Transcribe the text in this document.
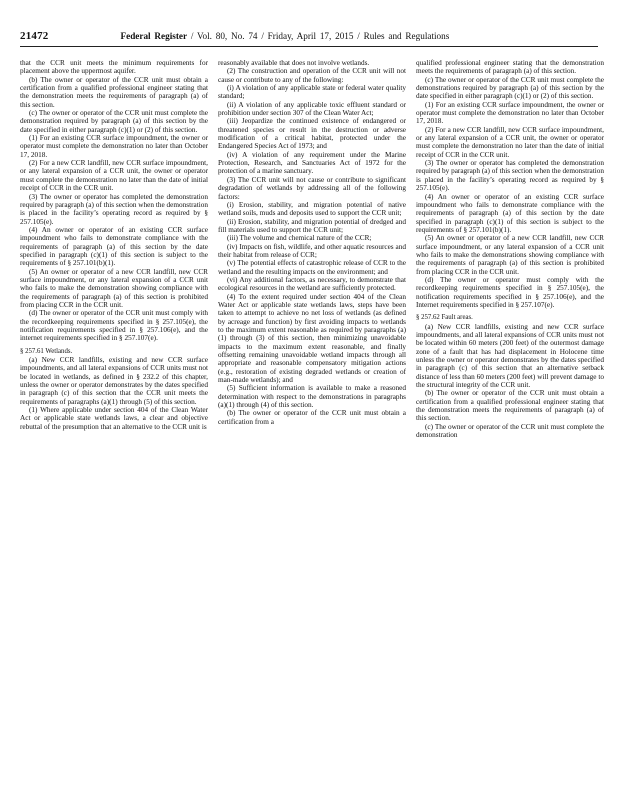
21472	Federal Register / Vol. 80, No. 74 / Friday, April 17, 2015 / Rules and Regulations

that the CCR unit meets the minimum requirements for placement above the uppermost aquifer.

(b) The owner or operator of the CCR unit must obtain a certification from a qualified professional engineer stating that the demonstration meets the requirements of paragraph (a) of this section.

(c) The owner or operator of the CCR unit must complete the demonstration required by paragraph (a) of this section by the date specified in either paragraph (c)(1) or (2) of this section.

(1) For an existing CCR surface impoundment, the owner or operator must complete the demonstration no later than October 17, 2018.

(2) For a new CCR landfill, new CCR surface impoundment, or any lateral expansion of a CCR unit, the owner or operator must complete the demonstration no later than the date of initial receipt of CCR in the CCR unit.

(3) The owner or operator has completed the demonstration required by paragraph (a) of this section when the demonstration is placed in the facility’s operating record as required by § 257.105(e).

(4) An owner or operator of an existing CCR surface impoundment who fails to demonstrate compliance with the requirements of paragraph (a) of this section by the date specified in paragraph (c)(1) of this section is subject to the requirements of § 257.101(b)(1).

(5) An owner or operator of a new CCR landfill, new CCR surface impoundment, or any lateral expansion of a CCR unit who fails to make the demonstration showing compliance with the requirements of paragraph (a) of this section is prohibited from placing CCR in the CCR unit.

(d) The owner or operator of the CCR unit must comply with the recordkeeping requirements specified in § 257.105(e), the notification requirements specified in § 257.106(e), and the internet requirements specified in § 257.107(e).

§ 257.61 Wetlands.

(a) New CCR landfills, existing and new CCR surface impoundments, and all lateral expansions of CCR units must not be located in wetlands, as defined in § 232.2 of this chapter, unless the owner or operator demonstrates by the dates specified in paragraph (c) of this section that the CCR unit meets the requirements of paragraphs (a)(1) through (5) of this section.

(1) Where applicable under section 404 of the Clean Water Act or applicable state wetlands laws, a clear and objective rebuttal of the presumption that an alternative to the CCR unit is

reasonably available that does not involve wetlands.

(2) The construction and operation of the CCR unit will not cause or contribute to any of the following:

(i) A violation of any applicable state or federal water quality standard;

(ii) A violation of any applicable toxic effluent standard or prohibition under section 307 of the Clean Water Act;

(iii) Jeopardize the continued existence of endangered or threatened species or result in the destruction or adverse modification of a critical habitat, protected under the Endangered Species Act of 1973; and

(iv) A violation of any requirement under the Marine Protection, Research, and Sanctuaries Act of 1972 for the protection of a marine sanctuary.

(3) The CCR unit will not cause or contribute to significant degradation of wetlands by addressing all of the following factors:

(i) Erosion, stability, and migration potential of native wetland soils, muds and deposits used to support the CCR unit;

(ii) Erosion, stability, and migration potential of dredged and fill materials used to support the CCR unit;

(iii) The volume and chemical nature of the CCR;

(iv) Impacts on fish, wildlife, and other aquatic resources and their habitat from release of CCR;

(v) The potential effects of catastrophic release of CCR to the wetland and the resulting impacts on the environment; and

(vi) Any additional factors, as necessary, to demonstrate that ecological resources in the wetland are sufficiently protected.

(4) To the extent required under section 404 of the Clean Water Act or applicable state wetlands laws, steps have been taken to attempt to achieve no net loss of wetlands (as defined by acreage and function) by first avoiding impacts to wetlands to the maximum extent reasonable as required by paragraphs (a)(1) through (3) of this section, then minimizing unavoidable impacts to the maximum extent reasonable, and finally offsetting remaining unavoidable wetland impacts through all appropriate and reasonable compensatory mitigation actions (e.g., restoration of existing degraded wetlands or creation of man-made wetlands); and

(5) Sufficient information is available to make a reasoned determination with respect to the demonstrations in paragraphs (a)(1) through (4) of this section.

(b) The owner or operator of the CCR unit must obtain a certification from a

qualified professional engineer stating that the demonstration meets the requirements of paragraph (a) of this section.

(c) The owner or operator of the CCR unit must complete the demonstrations required by paragraph (a) of this section by the date specified in either paragraph (c)(1) or (2) of this section.

(1) For an existing CCR surface impoundment, the owner or operator must complete the demonstration no later than October 17, 2018.

(2) For a new CCR landfill, new CCR surface impoundment, or any lateral expansion of a CCR unit, the owner or operator must complete the demonstration no later than the date of initial receipt of CCR in the CCR unit.

(3) The owner or operator has completed the demonstration required by paragraph (a) of this section when the demonstration is placed in the facility’s operating record as required by § 257.105(e).

(4) An owner or operator of an existing CCR surface impoundment who fails to demonstrate compliance with the requirements of paragraph (a) of this section by the date specified in paragraph (c)(1) of this section is subject to the requirements of § 257.101(b)(1).

(5) An owner or operator of a new CCR landfill, new CCR surface impoundment, or any lateral expansion of a CCR unit who fails to make the demonstrations showing compliance with the requirements of paragraph (a) of this section is prohibited from placing CCR in the CCR unit.

(d) The owner or operator must comply with the recordkeeping requirements specified in § 257.105(e), the notification requirements specified in § 257.106(e), and the Internet requirements specified in § 257.107(e).

§ 257.62 Fault areas.

(a) New CCR landfills, existing and new CCR surface impoundments, and all lateral expansions of CCR units must not be located within 60 meters (200 feet) of the outermost damage zone of a fault that has had displacement in Holocene time unless the owner or operator demonstrates by the dates specified in paragraph (c) of this section that an alternative setback distance of less than 60 meters (200 feet) will prevent damage to the structural integrity of the CCR unit.

(b) The owner or operator of the CCR unit must obtain a certification from a qualified professional engineer stating that the demonstration meets the requirements of paragraph (a) of this section.

(c) The owner or operator of the CCR unit must complete the demonstration
